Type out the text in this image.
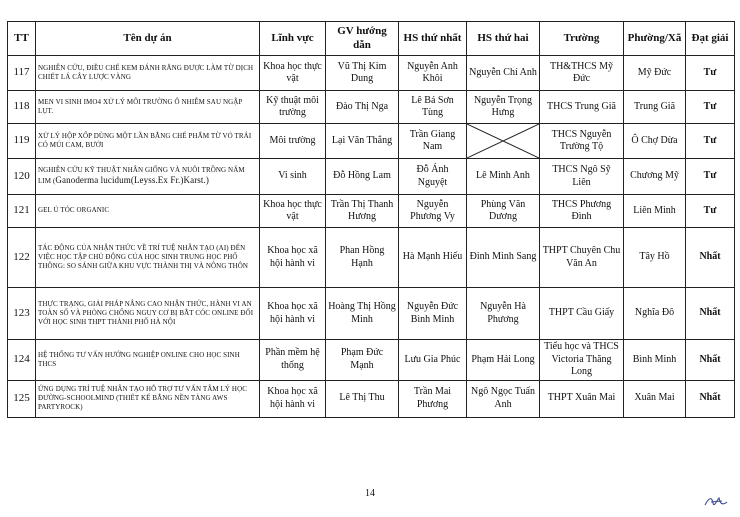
TT	Tên dự án	Lĩnh vực	GV hướng dẫn	HS thứ nhất	HS thứ hai	Trường	Phường/Xã	Đạt giải
117	NGHIÊN CỨU, ĐIỀU CHẾ KEM ĐÁNH RĂNG ĐƯỢC LÀM TỪ DỊCH CHIẾT LÁ CÂY LƯỢC VÀNG	Khoa học thực vật	Vũ Thị Kim Dung	Nguyễn Anh Khôi	Nguyễn Chí Anh	TH&THCS Mỹ Đức	Mỹ Đức	Tư
118	MEN VI SINH IMO4 XỬ LÝ MÔI TRƯỜNG Ô NHIỄM SAU NGẬP LỤT.	Kỹ thuật môi trường	Đào Thị Nga	Lê Bá Sơn Tùng	Nguyễn Trọng Hưng	THCS Trung Giã	Trung Giã	Tư
119	XỬ LÝ HỘP XỐP DÙNG MỘT LẦN BẰNG CHẾ PHẨM TỪ VỎ TRÁI CÓ MÚI CAM, BƯỞI	Môi trường	Lại Văn Thắng	Trần Giang Nam		THCS Nguyễn Trường Tộ	Ô Chợ Dừa	Tư
120	NGHIÊN CỨU KỸ THUẬT NHÂN GIỐNG VÀ NUÔI TRỒNG NẤM LIM (Ganoderma lucidum(Leyss.Ex Fr.)Karst.)	Vi sinh	Đỗ Hồng Lam	Đỗ Ánh Nguyệt	Lê Minh Anh	THCS Ngô Sỹ Liên	Chương Mỹ	Tư
121	GEL Ủ TÓC ORGANIC	Khoa học thực vật	Trần Thị Thanh Hương	Nguyễn Phương Vy	Phùng Văn Dương	THCS Phương Đình	Liên Minh	Tư
122	TÁC ĐỘNG CỦA NHẬN THỨC VỀ TRÍ TUỆ NHÂN TẠO (AI) ĐẾN VIỆC HỌC TẬP CHỦ ĐỘNG CỦA HỌC SINH TRUNG HỌC PHỔ THÔNG: SO SÁNH GIỮA KHU VỰC THÀNH THỊ VÀ NÔNG THÔN	Khoa học xã hội hành vi	Phan Hồng Hạnh	Hà Mạnh Hiếu	Đinh Minh Sang	THPT Chuyên Chu Văn An	Tây Hồ	Nhất
123	THỰC TRẠNG, GIẢI PHÁP NÂNG CAO NHẬN THỨC, HÀNH VI AN TOÀN SỐ VÀ PHÒNG CHỐNG NGUY CƠ BỊ BẮT CÓC ONLINE ĐỐI VỚI HỌC SINH THPT THÀNH PHỐ HÀ NỘI	Khoa học xã hội hành vi	Hoàng Thị Hồng Minh	Nguyễn Đức Bình Minh	Nguyễn Hà Phương	THPT Cầu Giấy	Nghĩa Đô	Nhất
124	HỆ THỐNG TƯ VẤN HƯỚNG NGHIỆP ONLINE CHO HỌC SINH THCS	Phần mềm hệ thống	Phạm Đức Mạnh	Lưu Gia Phúc	Phạm Hải Long	Tiểu học và THCS Victoria Thăng Long	Bình Minh	Nhất
125	ỨNG DỤNG TRÍ TUỆ NHÂN TẠO HỖ TRỢ TƯ VẤN TÂM LÝ HỌC ĐƯỜNG-SCHOOLMIND (THIẾT KẾ BẰNG NỀN TẢNG AWS PARTYROCK)	Khoa học xã hội hành vi	Lê Thị Thu	Trần Mai Phương	Ngô Ngọc Tuấn Anh	THPT Xuân Mai	Xuân Mai	Nhất
14
